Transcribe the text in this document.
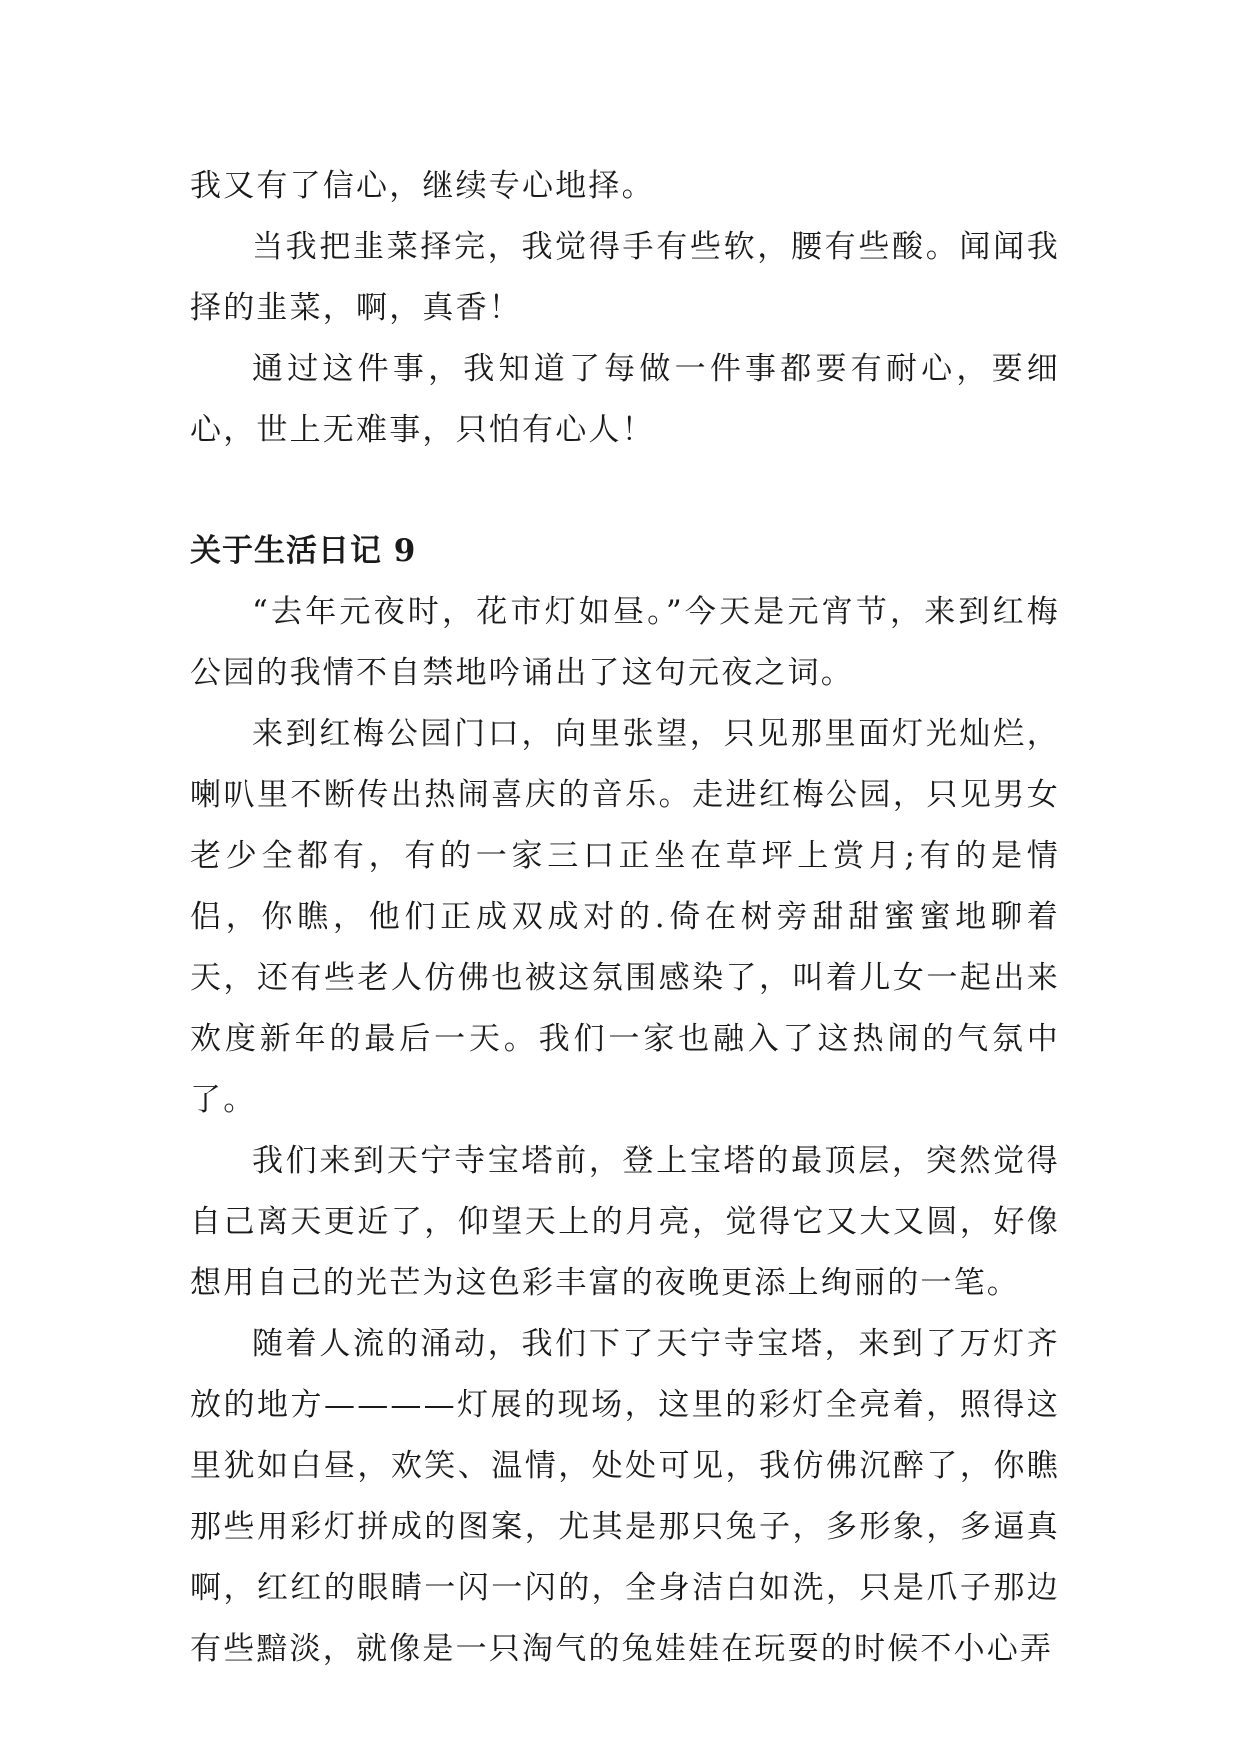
我又有了信心，继续专心地择。

当我把韭菜择完，我觉得手有些软，腰有些酸。闻闻我择的韭菜，啊，真香！

通过这件事，我知道了每做一件事都要有耐心，要细心，世上无难事，只怕有心人！

关于生活日记 9

“去年元夜时，花市灯如昼。”今天是元宵节，来到红梅公园的我情不自禁地吟诵出了这句元夜之词。

来到红梅公园门口，向里张望，只见那里面灯光灿烂，喇叭里不断传出热闹喜庆的音乐。走进红梅公园，只见男女老少全都有，有的一家三口正坐在草坪上赏月;有的是情侣，你瞧，他们正成双成对的.倚在树旁甜甜蜜蜜地聊着天，还有些老人仿佛也被这氛围感染了，叫着儿女一起出来欢度新年的最后一天。我们一家也融入了这热闹的气氛中了。

我们来到天宁寺宝塔前，登上宝塔的最顶层，突然觉得自己离天更近了，仰望天上的月亮，觉得它又大又圆，好像想用自己的光芒为这色彩丰富的夜晚更添上绚丽的一笔。

随着人流的涌动，我们下了天宁寺宝塔，来到了万灯齐放的地方————灯展的现场，这里的彩灯全亮着，照得这里犹如白昼，欢笑、温情，处处可见，我仿佛沉醉了，你瞧那些用彩灯拼成的图案，尤其是那只兔子，多形象，多逼真啊，红红的眼睛一闪一闪的，全身洁白如洗，只是爪子那边有些黯淡，就像是一只淘气的兔娃娃在玩耍的时候不小心弄
